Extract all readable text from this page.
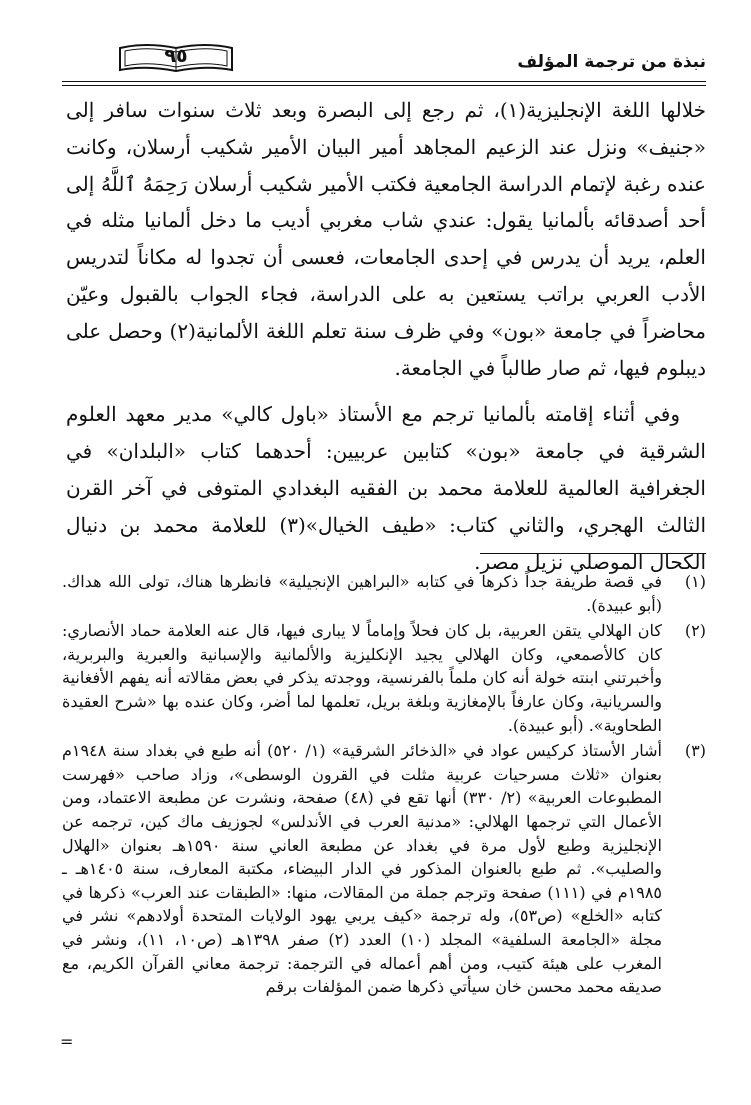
نبذة من ترجمة المؤلف
٩٥

خلالها اللغة الإنجليزية(١)، ثم رجع إلى البصرة وبعد ثلاث سنوات سافر إلى «جنيف» ونزل عند الزعيم المجاهد أمير البيان الأمير شكيب أرسلان، وكانت عنده رغبة لإتمام الدراسة الجامعية فكتب الأمير شكيب أرسلان رَحِمَهُ ٱللَّهُ إلى أحد أصدقائه بألمانيا يقول: عندي شاب مغربي أديب ما دخل ألمانيا مثله في العلم، يريد أن يدرس في إحدى الجامعات، فعسى أن تجدوا له مكاناً لتدريس الأدب العربي براتب يستعين به على الدراسة، فجاء الجواب بالقبول وعيّن محاضراً في جامعة «بون» وفي ظرف سنة تعلم اللغة الألمانية(٢) وحصل على ديبلوم فيها، ثم صار طالباً في الجامعة.

وفي أثناء إقامته بألمانيا ترجم مع الأستاذ «باول كالي» مدير معهد العلوم الشرقية في جامعة «بون» كتابين عربيين: أحدهما كتاب «البلدان» في الجغرافية العالمية للعلامة محمد بن الفقيه البغدادي المتوفى في آخر القرن الثالث الهجري، والثاني كتاب: «طيف الخيال»(٣) للعلامة محمد بن دنيال الكحال الموصلي نزيل مصر.

(١)
في قصة طريفة جداً ذكرها في كتابه «البراهين الإنجيلية» فانظرها هناك، تولى الله هداك. (أبو عبيدة).
(٢)
كان الهلالي يتقن العربية، بل كان فحلاً وإماماً لا يبارى فيها، قال عنه العلامة حماد الأنصاري: كان كالأصمعي، وكان الهلالي يجيد الإنكليزية والألمانية والإسبانية والعبرية والبربرية، وأخبرتني ابنته خولة أنه كان ملماً بالفرنسية، ووجدته يذكر في بعض مقالاته أنه يفهم الأفغانية والسريانية، وكان عارفاً بالإمغازية وبلغة بريل، تعلمها لما أضر، وكان عنده بها «شرح العقيدة الطحاوية». (أبو عبيدة).
(٣)
أشار الأستاذ كركيس عواد في «الذخائر الشرقية» (١/ ٥٢٠) أنه طبع في بغداد سنة ١٩٤٨م بعنوان «ثلاث مسرحيات عربية مثلت في القرون الوسطى»، وزاد صاحب «فهرست المطبوعات العربية» (٢/ ٣٣٠) أنها تقع في (٤٨) صفحة، ونشرت عن مطبعة الاعتماد، ومن الأعمال التي ترجمها الهلالي: «مدنية العرب في الأندلس» لجوزيف ماك كين، ترجمه عن الإنجليزية وطبع لأول مرة في بغداد عن مطبعة العاني سنة ١٥٩٠هـ بعنوان «الهلال والصليب». ثم طبع بالعنوان المذكور في الدار البيضاء، مكتبة المعارف، سنة ١٤٠٥هـ ـ ١٩٨٥م في (١١١) صفحة وترجم جملة من المقالات، منها: «الطبقات عند العرب» ذكرها في كتابه «الخلع» (ص٥٣)، وله ترجمة «كيف يربي يهود الولايات المتحدة أولادهم» نشر في مجلة «الجامعة السلفية» المجلد (١٠) العدد (٢) صفر ١٣٩٨هـ (ص١٠، ١١)، ونشر في المغرب على هيئة كتيب، ومن أهم أعماله في الترجمة: ترجمة معاني القرآن الكريم، مع صديقه محمد محسن خان سيأتي ذكرها ضمن المؤلفات برقم
=
